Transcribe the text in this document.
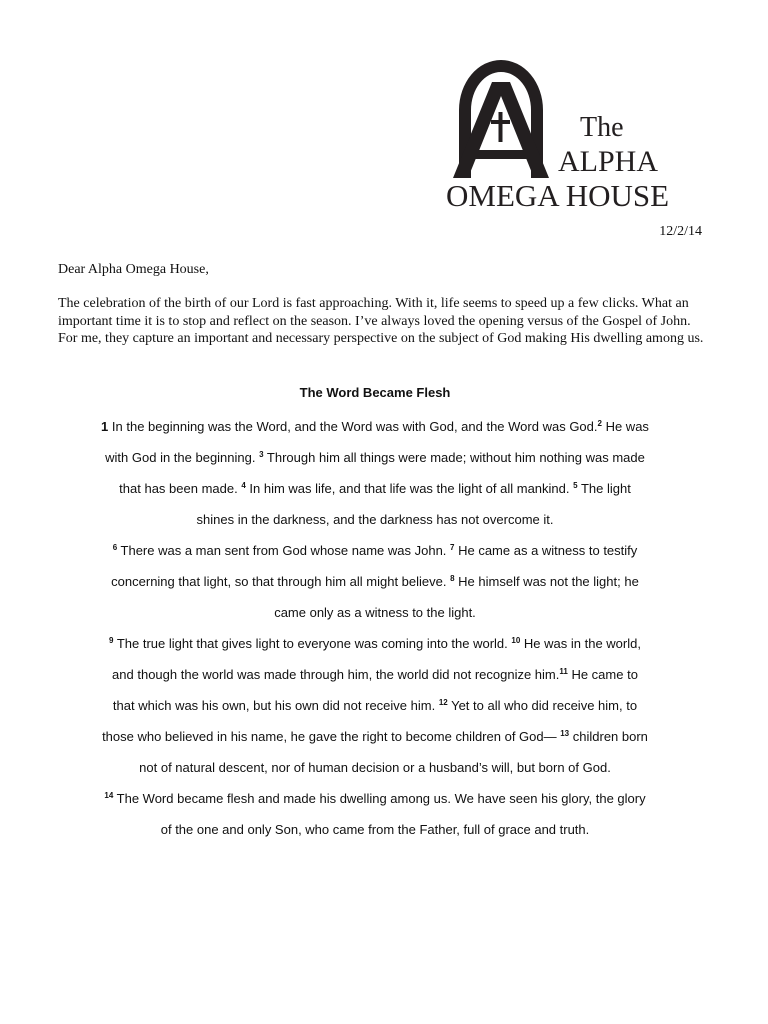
The
ALPHA
OMEGA HOUSE
12/2/14
Dear Alpha Omega House,

The celebration of the birth of our Lord is fast approaching. With it, life seems to speed up a few clicks. What an important time it is to stop and reflect on the season. I’ve always loved the opening versus of the Gospel of John. For me, they capture an important and necessary perspective on the subject of God making His dwelling among us.

The Word Became Flesh

1 In the beginning was the Word, and the Word was with God, and the Word was God.$^2$ He was with God in the beginning. $^3$ Through him all things were made; without him nothing was made that has been made. $^4$ In him was life, and that life was the light of all mankind. $^5$ The light shines in the darkness, and the darkness has not overcome it.

$^6$ There was a man sent from God whose name was John. $^7$ He came as a witness to testify concerning that light, so that through him all might believe. $^8$ He himself was not the light; he came only as a witness to the light.

$^9$ The true light that gives light to everyone was coming into the world. $^{10}$ He was in the world, and though the world was made through him, the world did not recognize him.$^{11}$ He came to that which was his own, but his own did not receive him. $^{12}$ Yet to all who did receive him, to those who believed in his name, he gave the right to become children of God— $^{13}$ children born not of natural descent, nor of human decision or a husband’s will, but born of God.

$^{14}$ The Word became flesh and made his dwelling among us. We have seen his glory, the glory of the one and only Son, who came from the Father, full of grace and truth.
